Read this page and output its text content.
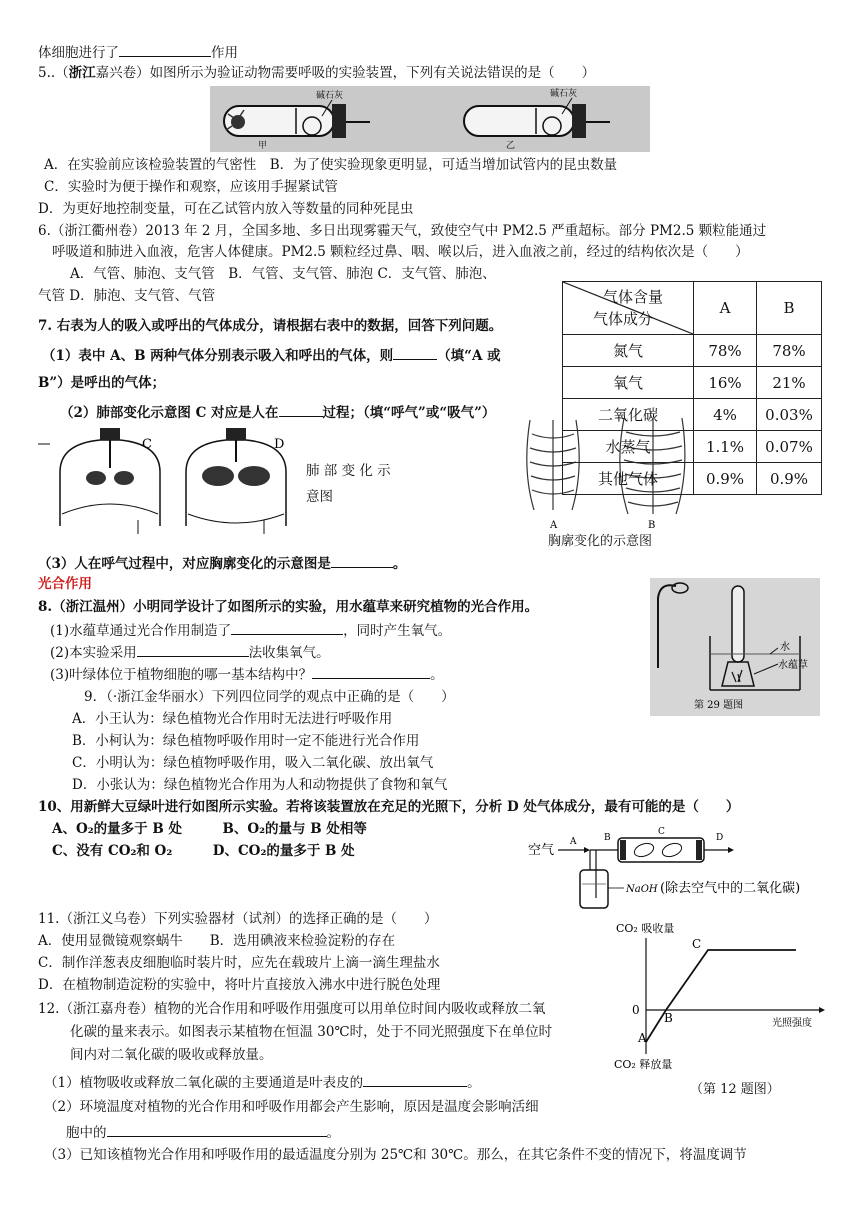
体细胞进行了	作用
5..（浙江嘉兴卷）如图所示为验证动物需要呼吸的实验装置，下列有关说法错误的是（　　）
碱石灰
甲
碱石灰
乙
A．在实验前应该检验装置的气密性　B．为了使实验现象更明显，可适当增加试管内的昆虫数量
C．实验时为便于操作和观察，应该用手握紧试管
D．为更好地控制变量，可在乙试管内放入等数量的同种死昆虫
6.（浙江衢州卷）2013 年 2 月，全国多地、多日出现雾霾天气，致使空气中 PM2.5 严重超标。部分 PM2.5 颗粒能通过
呼吸道和肺进入血液，危害人体健康。PM2.5 颗粒经过鼻、咽、喉以后，进入血液之前，经过的结构依次是（　　）
A．气管、肺泡、支气管　B．气管、支气管、肺泡 C．支气管、肺泡、
气管 D．肺泡、支气管、气管
7. 右表为人的吸入或呼出的气体成分，请根据右表中的数据，回答下列问题。
（1）表中 A、B 两种气体分别表示吸入和呼出的气体，则	（填“A 或
B”）是呼出的气体；
（2）肺部变化示意图 C 对应是人在	过程；（填“呼气”或“吸气”）
C	D
肺 部 变 化 示
意图
A	B
胸廓变化的示意图
气体含量
气体成分	A	B
氮气	78%	78%
氧气	16%	21%
二氧化碳	4%	0.03%
水蒸气	1.1%	0.07%
其他气体	0.9%	0.9%
（3）人在呼气过程中，对应胸廓变化的示意图是	。
光合作用
8.（浙江温州）小明同学设计了如图所示的实验，用水蕴草来研究植物的光合作用。
(1)水蕴草通过光合作用制造了	，同时产生氧气。
(2)本实验采用	法收集氧气。
(3)叶绿体位于植物细胞的哪一基本结构中？	。
水
水蕴草
第 29 题图
9．（·浙江金华丽水）下列四位同学的观点中正确的是（　　）
A．小王认为：绿色植物光合作用时无法进行呼吸作用
B．小柯认为：绿色植物呼吸作用时一定不能进行光合作用
C．小明认为：绿色植物呼吸作用，吸入二氧化碳、放出氧气
D．小张认为：绿色植物光合作用为人和动物提供了食物和氧气
10、用新鲜大豆绿叶进行如图所示实验。若将该装置放在充足的光照下，分析 D 处气体成分，最有可能的是（　　）
A、O₂的量多于 B 处　　　B、O₂的量与 B 处相等
C、没有 CO₂和 O₂　　　D、CO₂的量多于 B 处	空气
A	B
C
D
NaOH (除去空气中的二氧化碳)
11.（浙江义乌卷）下列实验器材（试剂）的选择正确的是（　　）
A．使用显微镜观察蜗牛　　B．选用碘液来检验淀粉的存在
C．制作洋葱表皮细胞临时装片时，应先在载玻片上滴一滴生理盐水
D．在植物制造淀粉的实验中，将叶片直接放入沸水中进行脱色处理
12.（浙江嘉舟卷）植物的光合作用和呼吸作用强度可以用单位时间内吸收或释放二氧
化碳的量来表示。如图表示某植物在恒温 30℃时，处于不同光照强度下在单位时
间内对二氧化碳的吸收或释放量。
（1）植物吸收或释放二氧化碳的主要通道是叶表皮的	。
（2）环境温度对植物的光合作用和呼吸作用都会产生影响，原因是温度会影响活细
胞中的	。
（3）已知该植物光合作用和呼吸作用的最适温度分别为 25℃和 30℃。那么，在其它条件不变的情况下，将温度调节
CO₂ 吸收量
0
A
B
C
光照强度
CO₂ 释放量
（第 12 题图）
